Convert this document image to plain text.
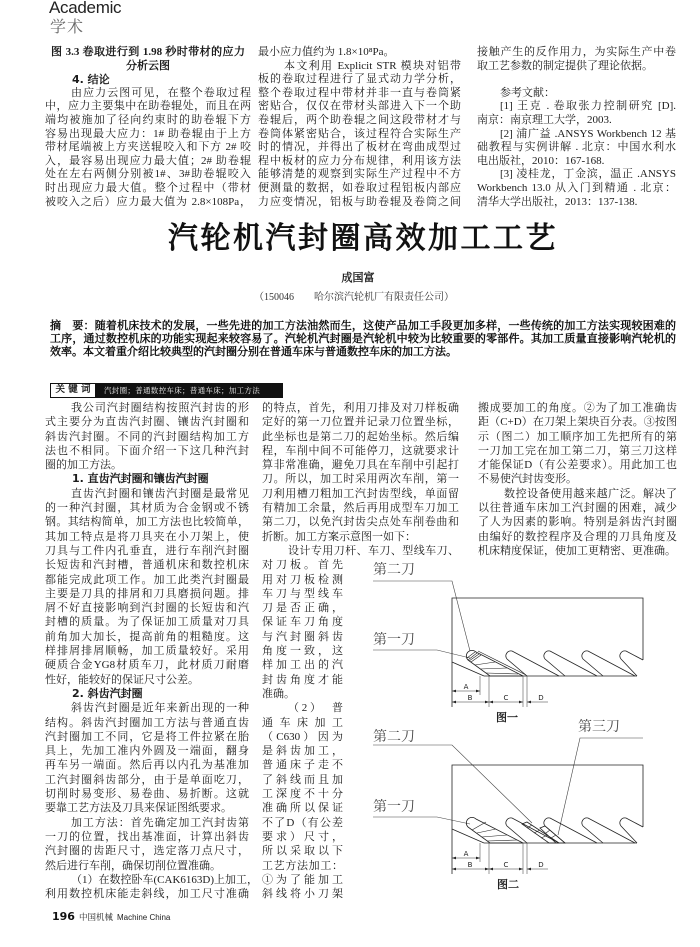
Academic
学术
图 3.3 卷取进行到 1.98 秒时带材的应力
分析云图
4. 结论
由应力云图可见，在整个卷取过程
中，应力主要集中在助卷辊处，而且在两
端均被施加了径向约束时的助卷辊下方
容易出现最大应力：1# 助卷辊由于上方
带材尾端被上方夹送辊咬入和下方 2# 咬
入，最容易出现应力最大值；2# 助卷辊
处在左右两侧分别被1#、3#助卷辊咬入
时出现应力最大值。整个过程中（带材
被咬入之后）应力最大值为 2.8×108Pa，
最小应力值约为 1.8×10⁸Pa。
本文利用 Explicit STR 模块对铝带
板的卷取过程进行了显式动力学分析，
整个卷取过程中带材并非一直与卷筒紧
密贴合，仅仅在带材头部进入下一个助
卷辊后，两个助卷辊之间这段带材才与
卷筒体紧密贴合，该过程符合实际生产
时的情况，并得出了板材在弯曲成型过
程中板材的应力分布规律，利用该方法
能够清楚的观察到实际生产过程中不方
便测量的数据，如卷取过程铝板内部应
力应变情况，铝板与助卷辊及卷筒之间
接触产生的反作用力，为实际生产中卷
取工艺参数的制定提供了理论依据。
参考文献：
[1] 王克 . 卷取张力控制研究 [D].
南京：南京理工大学，2003.
[2] 浦广益 .ANSYS Workbench 12 基
础教程与实例讲解 . 北京：中国水利水
电出版社，2010：167-168.
[3] 凌桂龙，丁金滨，温正 .ANSYS
Workbench 13.0 从入门到精通 . 北京：
清华大学出版社，2013：137-138.
汽轮机汽封圈高效加工工艺
成国富
（150046　　哈尔滨汽轮机厂有限责任公司）
摘　要：随着机床技术的发展，一些先进的加工方法油然而生，这使产品加工手段更加多样，一些传统的加工方法实现较困难的
工序，通过数控机床的功能实现起来较容易了。汽轮机汽封圈是汽轮机中较为比较重要的零部件。其加工质量直接影响汽轮机的
效率。本文着重介绍比较典型的汽封圈分别在普通车床与普通数控车床的加工方法。
关 键 词	汽封圈；普通数控车床；普通车床；加工方法
我公司汽封圈结构按照汽封齿的形
式主要分为直齿汽封圈、镶齿汽封圈和
斜齿汽封圈。不同的汽封圈结构加工方
法也不相同。下面介绍一下这几种汽封
圈的加工方法。
1. 直齿汽封圈和镶齿汽封圈
直齿汽封圈和镶齿汽封圈是最常见
的一种汽封圈，其材质为合金钢或不锈
钢。其结构简单，加工方法也比较简单，
其加工特点是将刀具夹在小刀架上，使
刀具与工件内孔垂直，进行车削汽封圈
长短齿和汽封槽，普通机床和数控机床
都能完成此项工作。加工此类汽封圈最
主要是刀具的排屑和刀具磨损问题。排
屑不好直接影响到汽封圈的长短齿和汽
封槽的质量。为了保证加工质量对刀具
前角加大加长，提高前角的粗糙度。这
样排屑排屑顺畅，加工质量较好。采用
硬质合金YG8材质车刀，此材质刀耐磨
性好，能较好的保证尺寸公差。
2. 斜齿汽封圈
斜齿汽封圈是近年来新出现的一种
结构。斜齿汽封圈加工方法与普通直齿
汽封圈加工不同，它是将工件拉紧在胎
具上，先加工准内外圆及一端面，翻身
再车另一端面。然后再以内孔为基准加
工汽封圈斜齿部分，由于是单面吃刀，
切削时易变形、易卷曲、易折断。这就
要靠工艺方法及刀具来保证图纸要求。
加工方法：首先确定加工汽封齿第
一刀的位置，找出基准面，计算出斜齿
汽封圈的齿距尺寸，选定落刀点尺寸，
然后进行车削，确保切削位置准确。
（1）在数控卧车(CAK6163D)上加工，
利用数控机床能走斜线，加工尺寸准确
的特点，首先，利用刀排及对刀样板确
定好的第一刀位置并记录刀位置坐标，
此坐标也是第二刀的起始坐标。然后编
程，车削中间不可能停刀，这就要求计
算非常准确，避免刀具在车削中引起打
刀。所以，加工时采用两次车削，第一
刀利用槽刀粗加工汽封齿型线，单面留
有精加工余量，然后再用成型车刀加工
第二刀，以免汽封齿尖点处车削卷曲和
折断。加工方案示意图一如下：
设计专用刀杆、车刀、型线车刀、
对刀板。首先
用对刀板检测
车刀与型线车
刀是否正确，
保证车刀角度
与汽封圈斜齿
角度一致，这
样加工出的汽
封齿角度才能
准确。
（2）　普
通车床加工
（C630）因为
是斜齿加工，
普通床子走不
了斜线而且加
工深度不十分
准确所以保证
不了D（有公差
要求）尺寸，
所以采取以下
工艺方法加工：
①为了能加工
斜线将小刀架
搬成要加工的角度。②为了加工准确齿
距（C+D）在刀架上架块百分表。③按图
示（图二）加工顺序加工先把所有的第
一刀加工完在加工第二刀，第三刀这样
才能保证D（有公差要求）。用此加工也
不易使汽封齿变形。
数控设备使用越来越广泛。解决了
以往普通车床加工汽封圈的困难，减少
了人为因素的影响。特别是斜齿汽封圈
由编好的数控程序及合理的刀具角度及
机床精度保证，使加工更精密、更准确。
第二刀
第一刀
A
B	C	D
图一
第三刀
第二刀
第一刀
A
B	C	D
图二
196 中国机械 Machine China
